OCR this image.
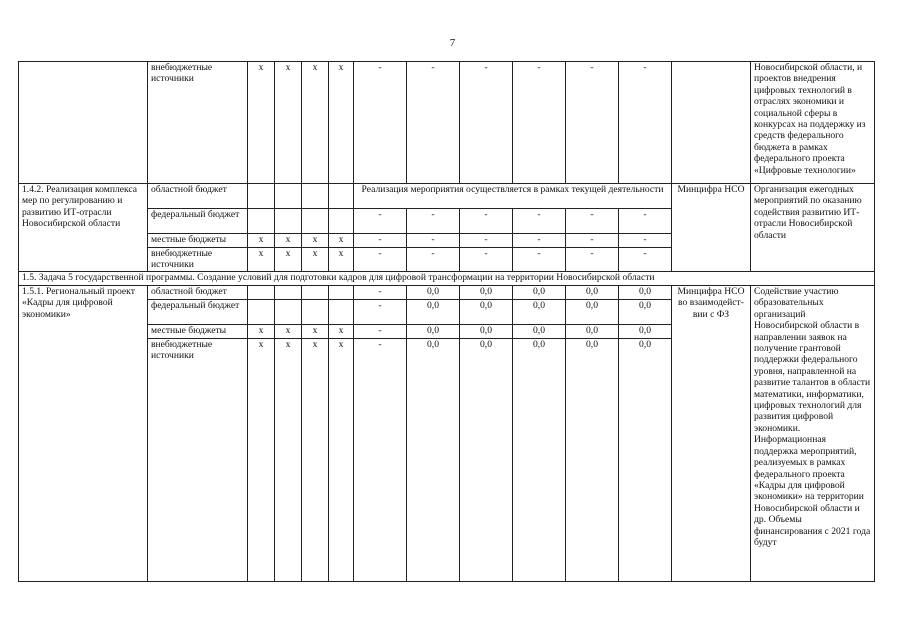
7
	внебюджетные источники	x	x	x	x	-	-	-	-	-	-		Новосибирской области, и проектов внедрения цифровых технологий в отраслях экономики и социальной сферы в конкурсах на поддержку из средств федерального бюджета в рамках федерального проекта «Цифровые технологии»
1.4.2. Реализация комплекса мер по регулированию и развитию ИТ-отрасли Новосибирской области	областной бюджет					Реализация мероприятия осуществляется в рамках текущей деятельности						Минцифра НСО	Организация ежегодных мероприятий по оказанию содействия развитию ИТ-отрасли Новосибирской области
	федеральный бюджет					-	-	-	-	-	-		
	местные бюджеты	x	x	x	x	-	-	-	-	-	-		
	внебюджетные источники	x	x	x	x	-	-	-	-	-	-		
1.5. Задача 5 государственной программы. Создание условий для подготовки кадров для цифровой трансформации на территории Новосибирской области													
1.5.1. Региональный проект «Кадры для цифровой экономики»	областной бюджет					-	0,0	0,0	0,0	0,0	0,0	Минцифра НСО во взаимодейст-вии с ФЗ	Содействие участию образовательных организаций Новосибирской области в направлении заявок на получение грантовой поддержки федерального уровня, направленной на развитие талантов в области математики, информатики, цифровых технологий для развития цифровой экономики. Информационная поддержка мероприятий, реализуемых в рамках федерального проекта «Кадры для цифровой экономики» на территории Новосибирской области и др. Объемы финансирования с 2021 года будут
	федеральный бюджет					-	0,0	0,0	0,0	0,0	0,0		
	местные бюджеты	x	x	x	x	-	0,0	0,0	0,0	0,0	0,0		
	внебюджетные источники	x	x	x	x	-	0,0	0,0	0,0	0,0	0,0		
